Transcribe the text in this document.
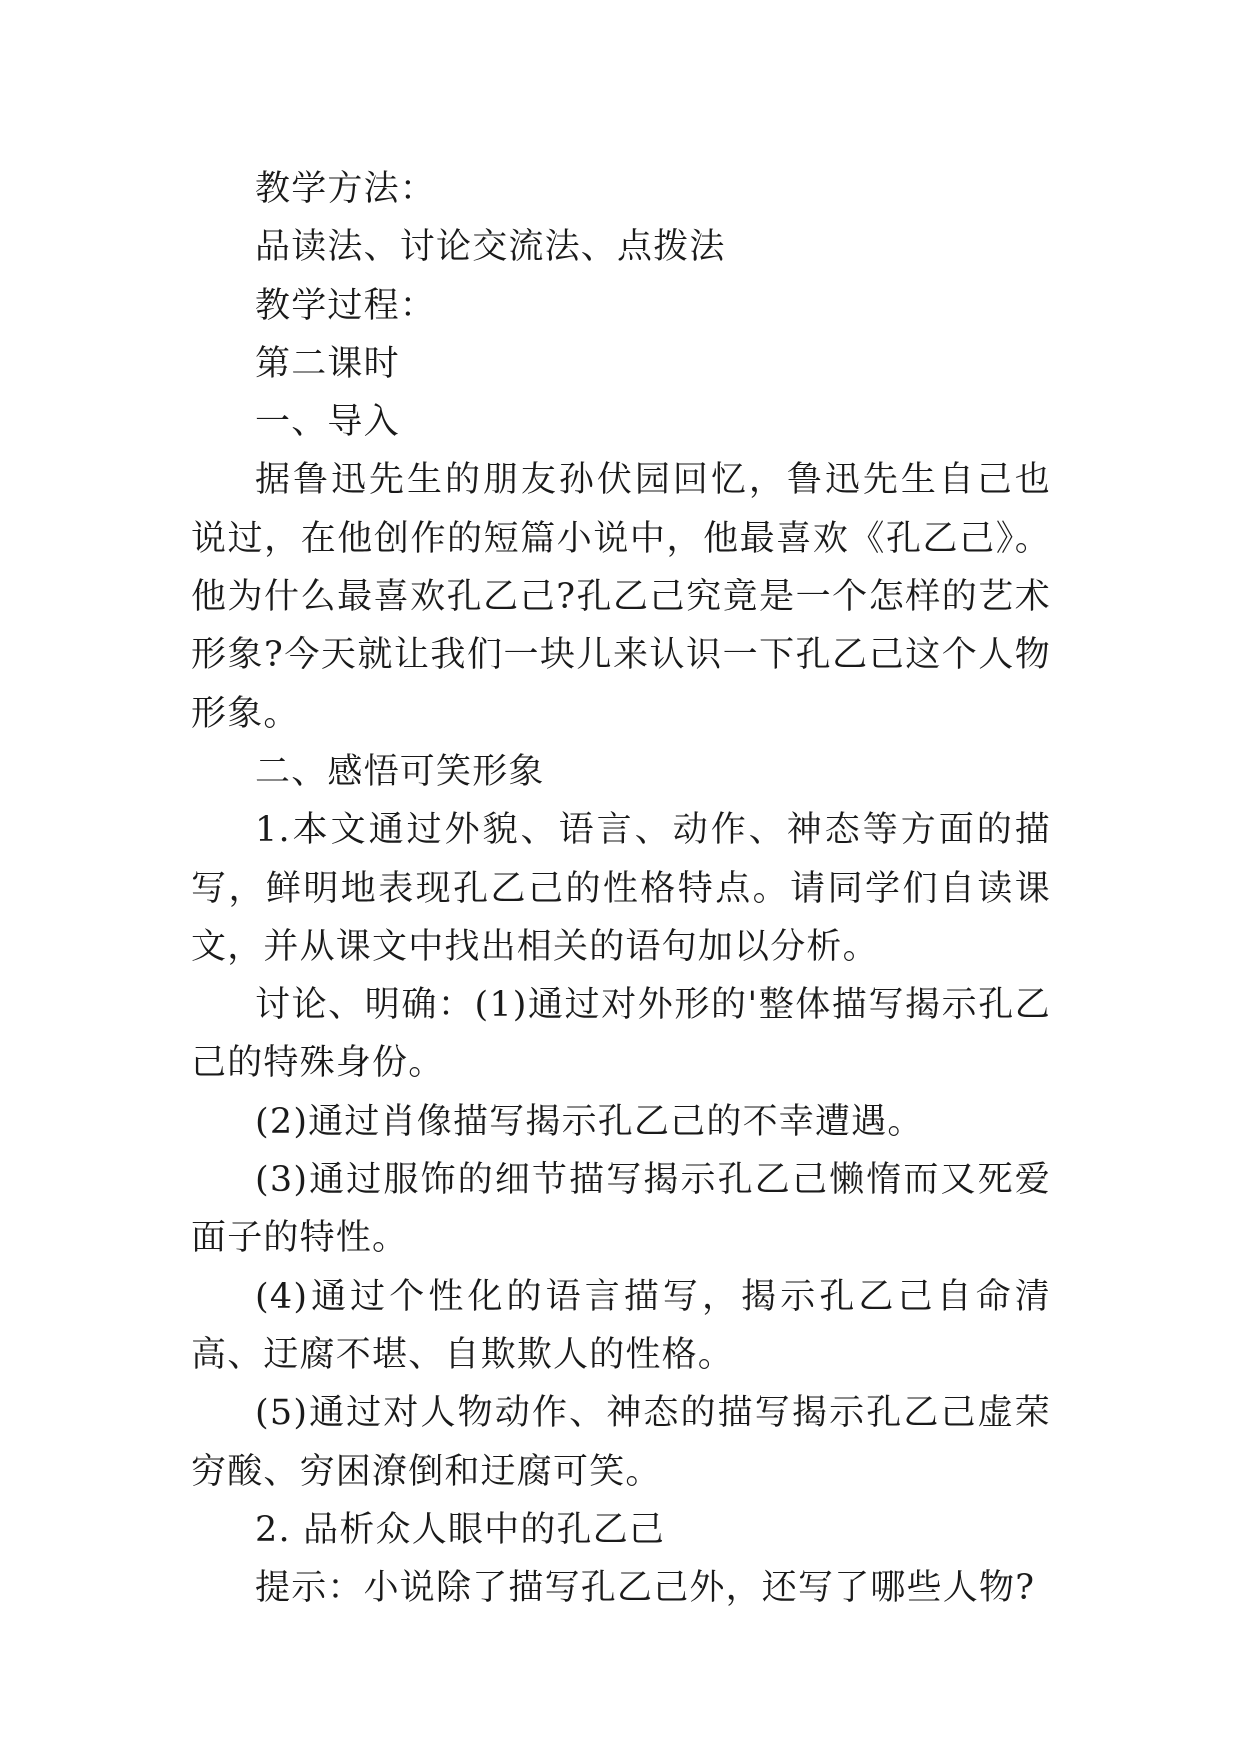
教学方法：

品读法、讨论交流法、点拨法

教学过程：

第二课时

一、导入

据鲁迅先生的朋友孙伏园回忆，鲁迅先生自己也说过，在他创作的短篇小说中，他最喜欢《孔乙己》。他为什么最喜欢孔乙己?孔乙己究竟是一个怎样的艺术形象?今天就让我们一块儿来认识一下孔乙己这个人物形象。

二、感悟可笑形象

1.本文通过外貌、语言、动作、神态等方面的描写，鲜明地表现孔乙己的性格特点。请同学们自读课文，并从课文中找出相关的语句加以分析。

讨论、明确：(1)通过对外形的'整体描写揭示孔乙己的特殊身份。

(2)通过肖像描写揭示孔乙己的不幸遭遇。

(3)通过服饰的细节描写揭示孔乙己懒惰而又死爱面子的特性。

(4)通过个性化的语言描写，揭示孔乙己自命清高、迂腐不堪、自欺欺人的性格。

(5)通过对人物动作、神态的描写揭示孔乙己虚荣穷酸、穷困潦倒和迂腐可笑。

2. 品析众人眼中的孔乙己

提示：小说除了描写孔乙己外，还写了哪些人物?
